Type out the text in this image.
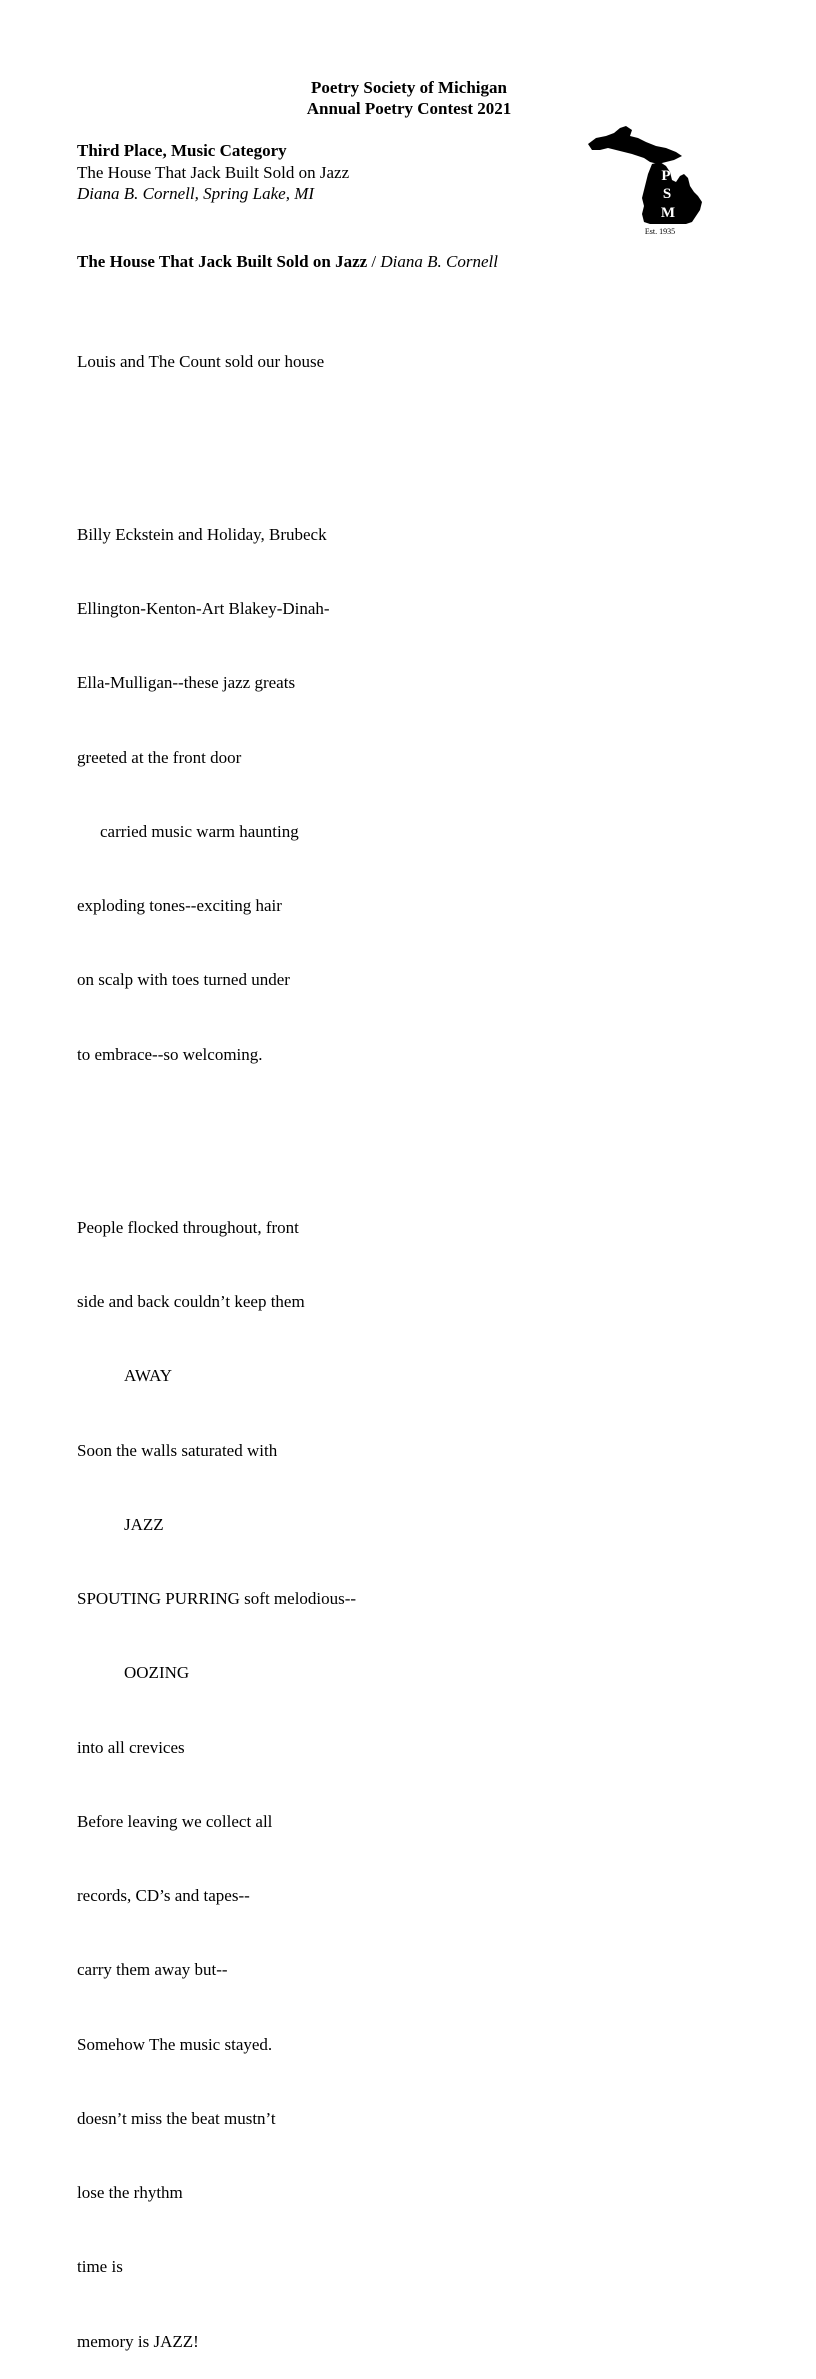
Poetry Society of Michigan
Annual Poetry Contest 2021
Third Place, Music Category
The House That Jack Built Sold on Jazz
Diana B. Cornell, Spring Lake, MI
P
S
M
Est. 1935
The House That Jack Built Sold on Jazz / Diana B. Cornell

Louis and The Count sold our house

Billy Eckstein and Holiday, Brubeck

Ellington-Kenton-Art Blakey-Dinah-

Ella-Mulligan--these jazz greats

greeted at the front door

carried music warm haunting

exploding tones--exciting hair

on scalp with toes turned under

to embrace--so welcoming.

People flocked throughout, front

side and back couldn’t keep them

AWAY

Soon the walls saturated with

JAZZ

SPOUTING PURRING soft melodious--

OOZING

into all crevices

Before leaving we collect all

records, CD’s and tapes--

carry them away but--

Somehow The music stayed.

doesn’t miss the beat mustn’t

lose the rhythm

time is

memory is JAZZ!
